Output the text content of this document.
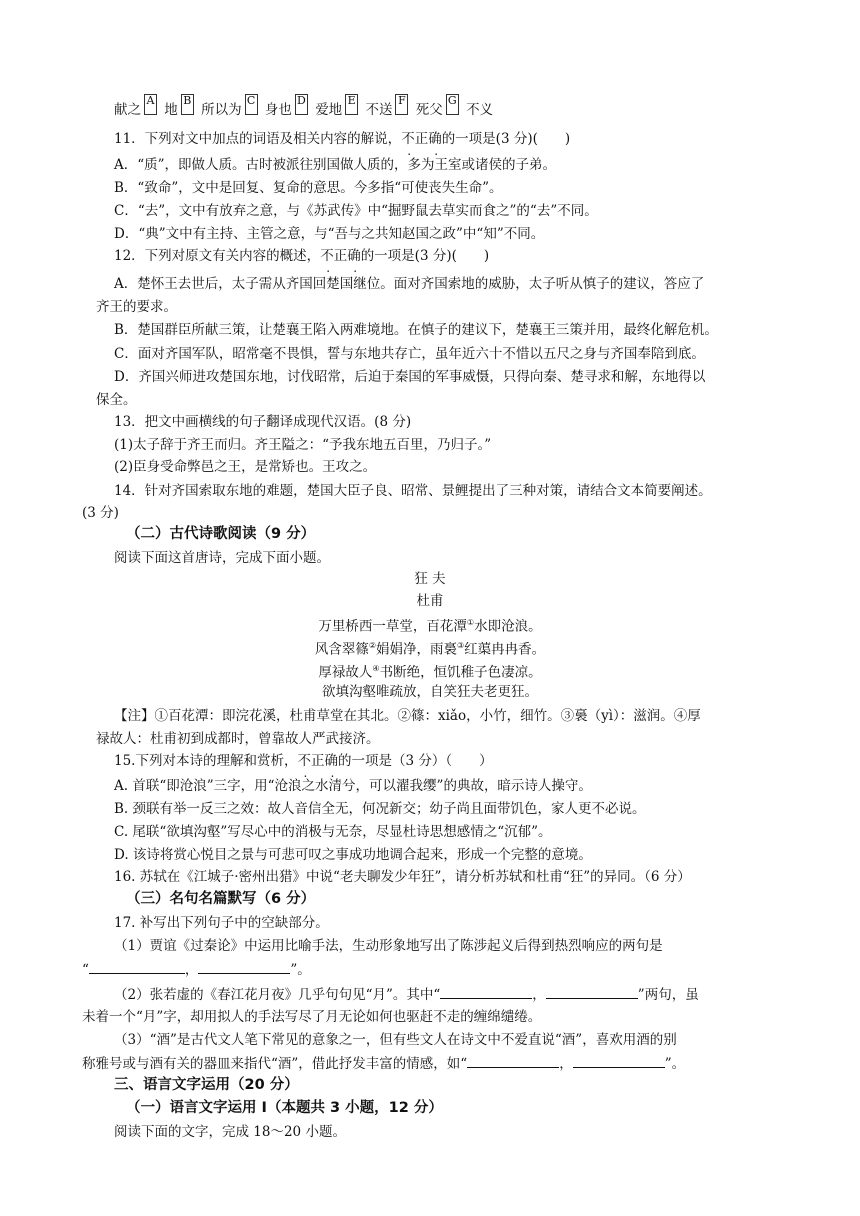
献之A 地B 所以为C 身也D 爱地E 不送F 死父G 不义
11．下列对文中加点的词语及相关内容的解说，不正确的一项是(3 分)(　　)
A．“质”，即做人质。古时被派往别国做人质的，多为王室或诸侯的子弟。
B．“致命”，文中是回复、复命的意思。今多指“可使丧失生命”。
C．“去”，文中有放弃之意，与《苏武传》中“掘野鼠去草实而食之”的“去”不同。
D．“典”文中有主持、主管之意，与“吾与之共知赵国之政”中“知”不同。
12．下列对原文有关内容的概述，不正确的一项是(3 分)(　　)
A．楚怀王去世后，太子需从齐国回楚国继位。面对齐国索地的威胁，太子听从慎子的建议，答应了
齐王的要求。
B．楚国群臣所献三策，让楚襄王陷入两难境地。在慎子的建议下，楚襄王三策并用，最终化解危机。
C．面对齐国军队，昭常毫不畏惧，誓与东地共存亡，虽年近六十不惜以五尺之身与齐国奉陪到底。
D．齐国兴师进攻楚国东地，讨伐昭常，后迫于秦国的军事威慑，只得向秦、楚寻求和解，东地得以
保全。
13．把文中画横线的句子翻译成现代汉语。(8 分)
(1)太子辞于齐王而归。齐王隘之：“予我东地五百里，乃归子。”
(2)臣身受命弊邑之王，是常矫也。王攻之。
14．针对齐国索取东地的难题，楚国大臣子良、昭常、景鲤提出了三种对策，请结合文本简要阐述。
(3 分)
（二）古代诗歌阅读（9 分）
阅读下面这首唐诗，完成下面小题。
狂 夫
杜甫
万里桥西一草堂，百花潭①水即沧浪。
风含翠篠②娟娟净，雨裛③红蕖冉冉香。
厚禄故人④书断绝，恒饥稚子色凄凉。
欲填沟壑唯疏放，自笑狂夫老更狂。
【注】①百花潭：即浣花溪，杜甫草堂在其北。②篠：xiǎo，小竹，细竹。③裛（yì）：滋润。④厚
禄故人：杜甫初到成都时，曾靠故人严武接济。
15.下列对本诗的理解和赏析，不正确的一项是（3 分）（　　）
A. 首联“即沧浪”三字，用“沧浪之水清兮，可以濯我缨”的典故，暗示诗人操守。
B. 颈联有举一反三之效：故人音信全无，何况新交；幼子尚且面带饥色，家人更不必说。
C. 尾联“欲填沟壑”写尽心中的消极与无奈，尽显杜诗思想感情之“沉郁”。
D. 该诗将赏心悦目之景与可悲可叹之事成功地调合起来，形成一个完整的意境。
16. 苏轼在《江城子·密州出猎》中说“老夫聊发少年狂”，请分析苏轼和杜甫“狂”的异同。（6 分）
（三）名句名篇默写（6 分）
17. 补写出下列句子中的空缺部分。
（1）贾谊《过秦论》中运用比喻手法，生动形象地写出了陈涉起义后得到热烈响应的两句是
“	，	”。
（2）张若虚的《春江花月夜》几乎句句见“月”。其中“	，	”两句，虽
未着一个“月”字，却用拟人的手法写尽了月无论如何也驱赶不走的缠绵缱绻。
（3）“酒”是古代文人笔下常见的意象之一，但有些文人在诗文中不爱直说“酒”，喜欢用酒的别
称雅号或与酒有关的器皿来指代“酒”，借此抒发丰富的情感，如“	，	”。
三、语言文字运用（20 分）
（一）语言文字运用 I（本题共 3 小题，12 分）
阅读下面的文字，完成 18～20 小题。
